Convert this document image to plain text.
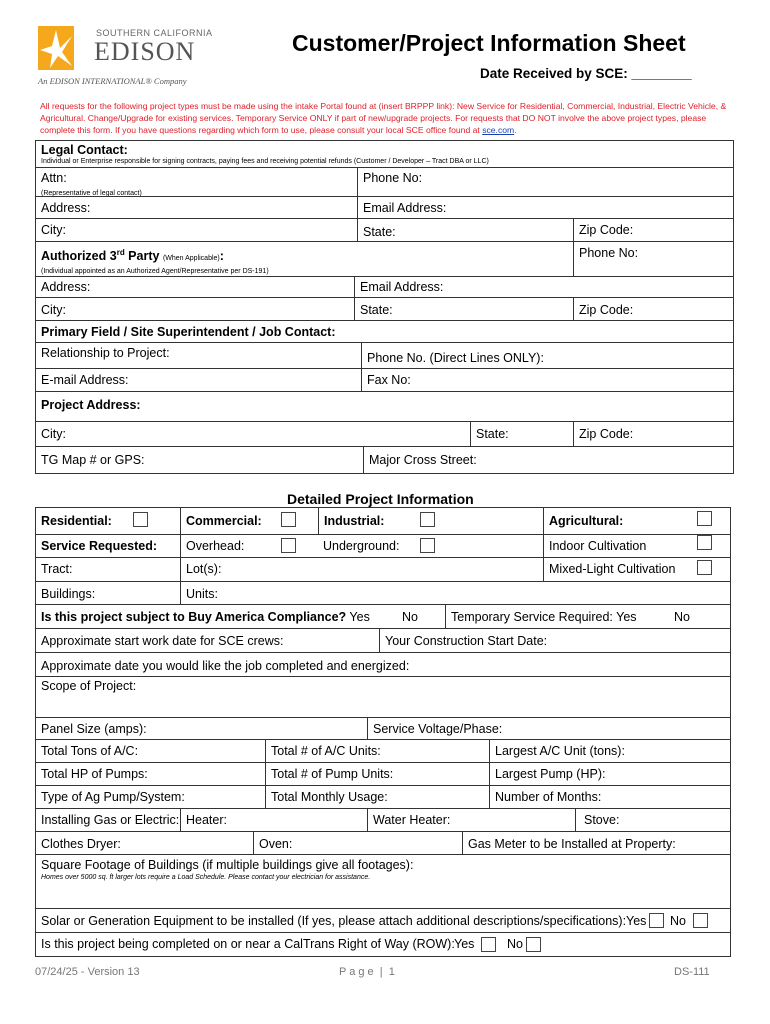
SOUTHERN CALIFORNIA
EDISON
An EDISON INTERNATIONAL® Company
Customer/Project Information Sheet
Date Received by SCE: ________
All requests for the following project types must be made using the intake Portal found at (insert BRPPP link): New Service for Residential, Commercial, Industrial, Electric Vehicle, & Agricultural. Change/Upgrade for existing services. Temporary Service ONLY if part of new/upgrade projects. For requests that DO NOT involve the above project types, please complete this form. If you have questions regarding which form to use, please consult your local SCE office found at sce.com.
Legal Contact:
Individual or Enterprise responsible for signing contracts, paying fees and receiving potential refunds (Customer / Developer – Tract DBA or LLC)
Attn:
(Representative of legal contact)
Phone No:
Address:	Email Address:
City:	State:	Zip Code:
Authorized 3rd Party (When Applicable):
(Individual appointed as an Authorized Agent/Representative per DS-191)
Phone No:
Address:	Email Address:
City:	State:	Zip Code:
Primary Field / Site Superintendent / Job Contact:
Relationship to Project:	Phone No. (Direct Lines ONLY):
E-mail Address:	Fax No:
Project Address:
City:	State:	Zip Code:
TG Map # or GPS:	Major Cross Street:
Detailed Project Information
Residential:	Commercial:	Industrial:	Agricultural:
Service Requested:	Overhead:	Underground:	Indoor Cultivation
Tract:	Lot(s):	Mixed-Light Cultivation
Buildings:	Units:
Is this project subject to Buy America Compliance? Yes	No	Temporary Service Required: Yes	No
Approximate start work date for SCE crews:	Your Construction Start Date:
Approximate date you would like the job completed and energized:
Scope of Project:
Panel Size (amps):	Service Voltage/Phase:
Total Tons of A/C:	Total # of A/C Units:	Largest A/C Unit (tons):
Total HP of Pumps:	Total # of Pump Units:	Largest Pump (HP):
Type of Ag Pump/System:	Total Monthly Usage:	Number of Months:
Installing Gas or Electric: Heater:	Water Heater:	Stove:
Clothes Dryer:	Oven:	Gas Meter to be Installed at Property:
Square Footage of Buildings (if multiple buildings give all footages):
Homes over 5000 sq. ft larger lots require a Load Schedule. Please contact your electrician for assistance.
Solar or Generation Equipment to be installed (If yes, please attach additional descriptions/specifications): Yes No
Is this project being completed on or near a CalTrans Right of Way (ROW): Yes	No
07/24/25 - Version 13	P a g e  |  1	DS-111
